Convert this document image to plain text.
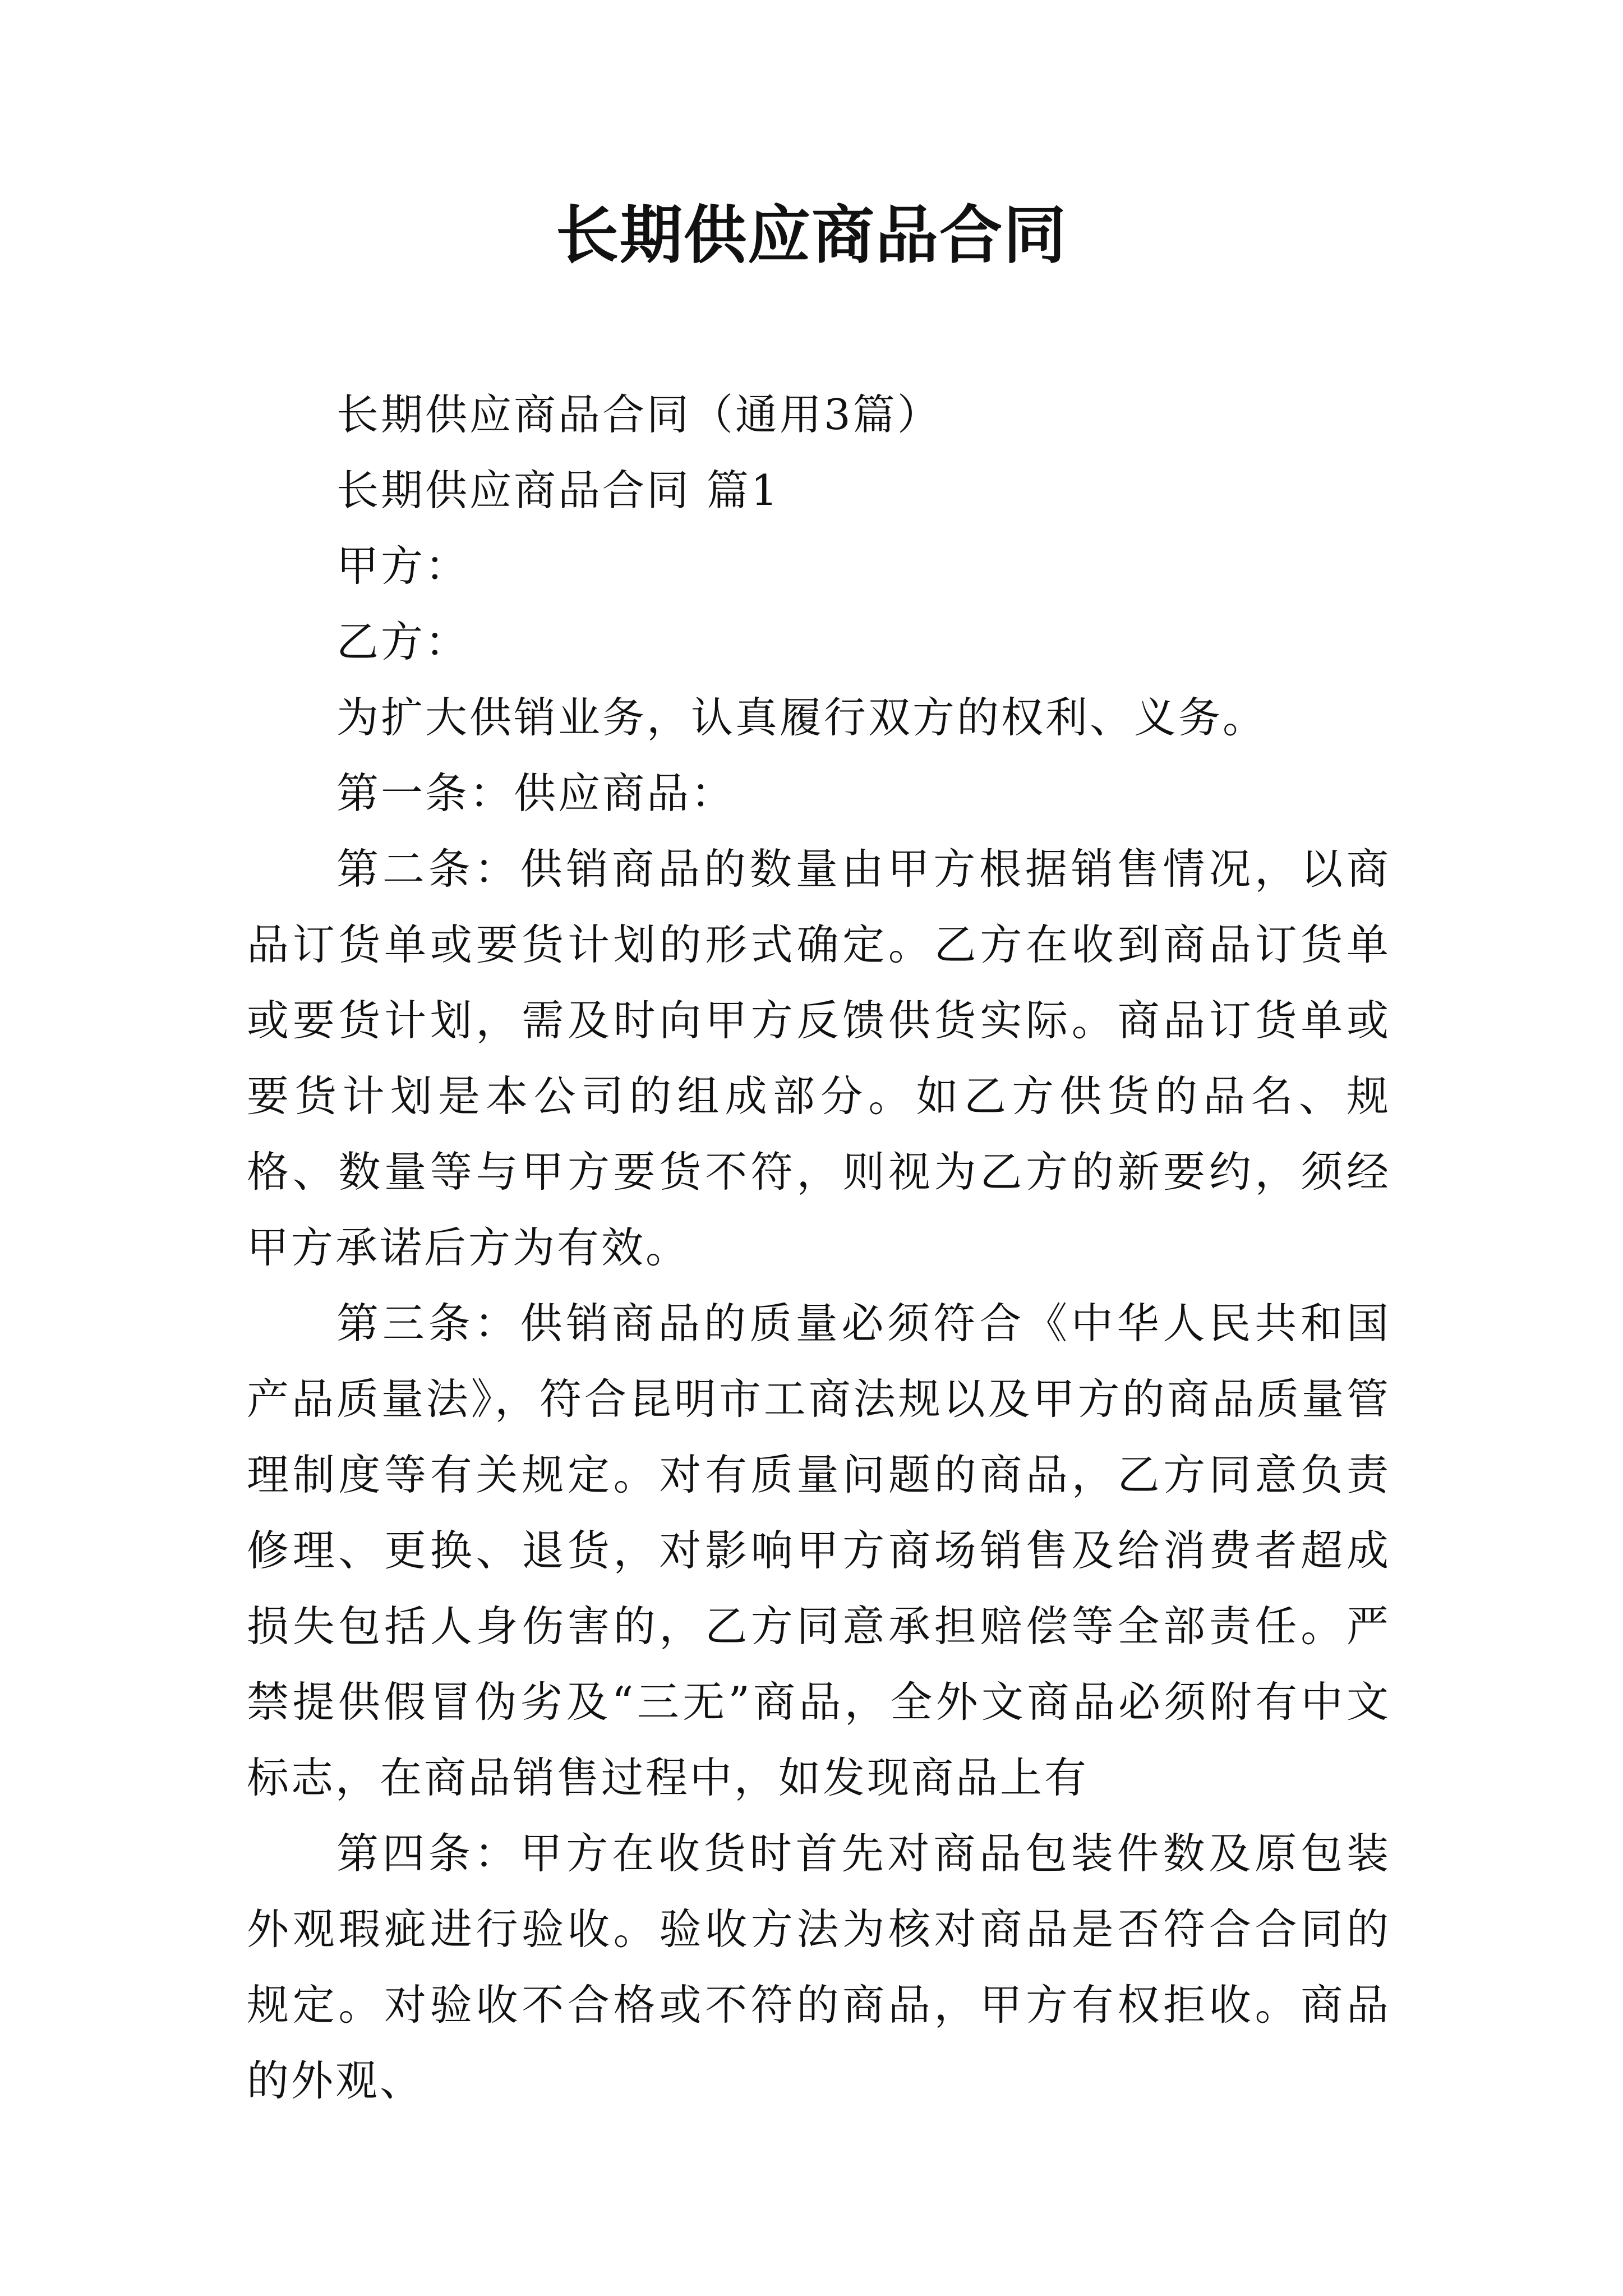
长期供应商品合同

长期供应商品合同（通用3篇）

长期供应商品合同 篇1

甲方：

乙方：

为扩大供销业务，认真履行双方的权利、义务。

第一条：供应商品：

第二条：供销商品的数量由甲方根据销售情况，以商品订货单或要货计划的形式确定。乙方在收到商品订货单或要货计划，需及时向甲方反馈供货实际。商品订货单或要货计划是本公司的组成部分。如乙方供货的品名、规格、数量等与甲方要货不符，则视为乙方的新要约，须经甲方承诺后方为有效。

第三条：供销商品的质量必须符合《中华人民共和国产品质量法》，符合昆明市工商法规以及甲方的商品质量管理制度等有关规定。对有质量问题的商品，乙方同意负责修理、更换、退货，对影响甲方商场销售及给消费者超成损失包括人身伤害的，乙方同意承担赔偿等全部责任。严禁提供假冒伪劣及“三无”商品，全外文商品必须附有中文标志，在商品销售过程中，如发现商品上有

第四条：甲方在收货时首先对商品包装件数及原包装外观瑕疵进行验收。验收方法为核对商品是否符合合同的规定。对验收不合格或不符的商品，甲方有权拒收。商品的外观、
